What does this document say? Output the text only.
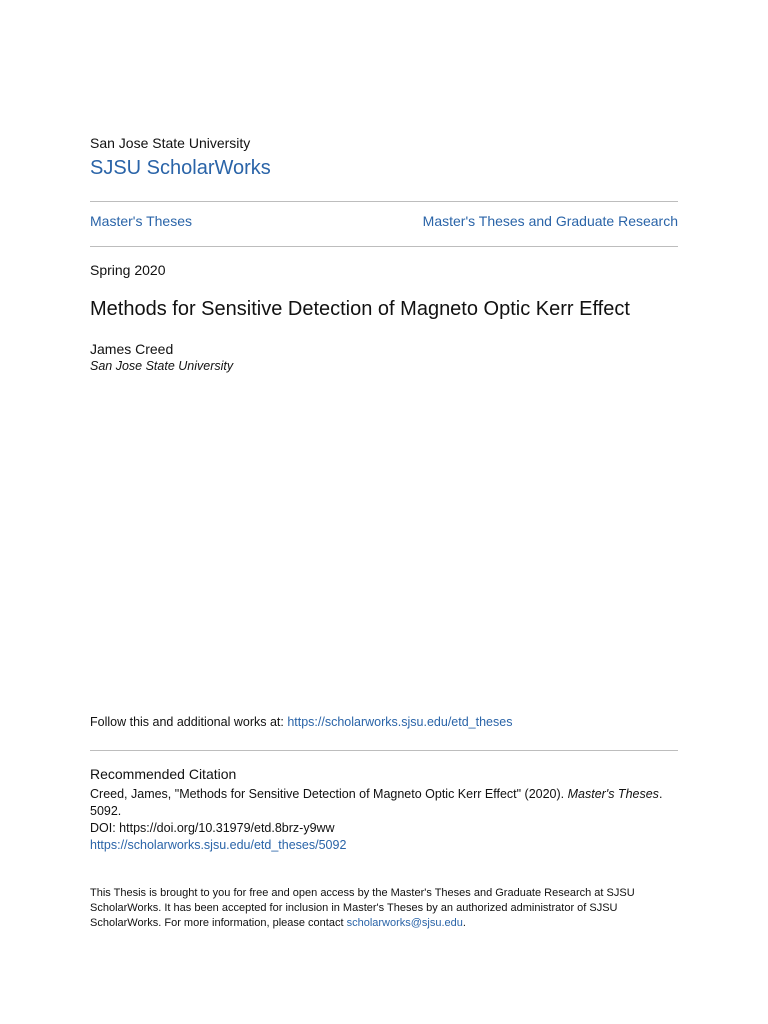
San Jose State University
SJSU ScholarWorks
Master's Theses	Master's Theses and Graduate Research
Spring 2020
Methods for Sensitive Detection of Magneto Optic Kerr Effect
James Creed
San Jose State University
Follow this and additional works at: https://scholarworks.sjsu.edu/etd_theses
Recommended Citation
Creed, James, "Methods for Sensitive Detection of Magneto Optic Kerr Effect" (2020). Master's Theses.
5092.
DOI: https://doi.org/10.31979/etd.8brz-y9ww
https://scholarworks.sjsu.edu/etd_theses/5092
This Thesis is brought to you for free and open access by the Master's Theses and Graduate Research at SJSU
ScholarWorks. It has been accepted for inclusion in Master's Theses by an authorized administrator of SJSU
ScholarWorks. For more information, please contact scholarworks@sjsu.edu.
